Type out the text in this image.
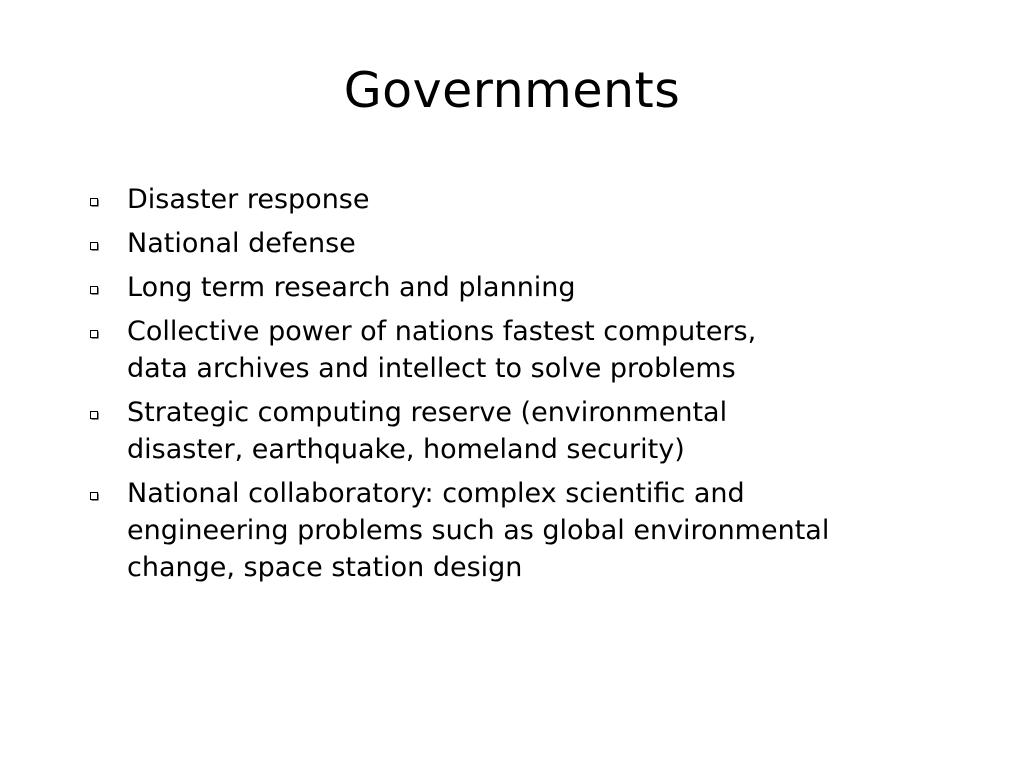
Governments
Disaster response
National defense
Long term research and planning
Collective power of nations fastest computers,
data archives and intellect to solve problems
Strategic computing reserve (environmental
disaster, earthquake, homeland security)
National collaboratory: complex scientific and
engineering problems such as global environmental
change, space station design
